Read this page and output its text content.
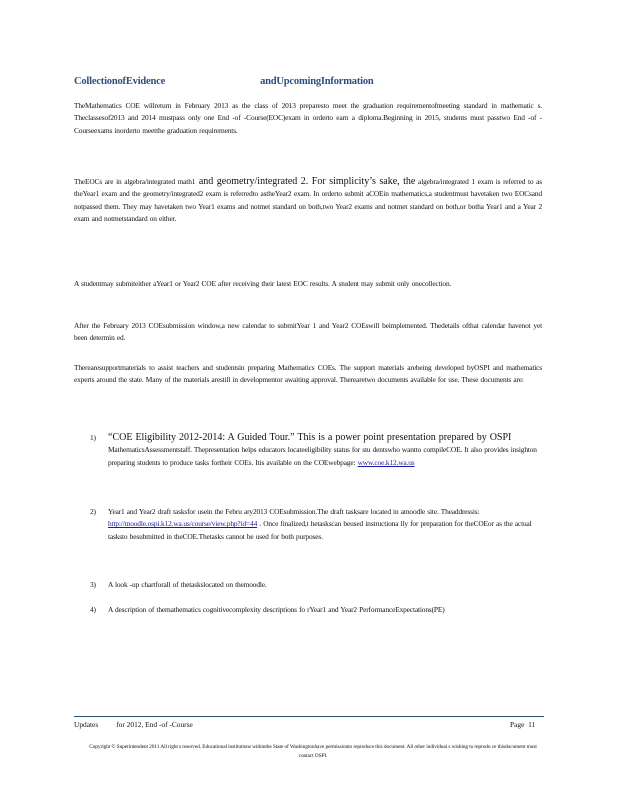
CollectionofEvidence	andUpcomingInformation
TheMathematics COE willreturn in February 2013 as the class of 2013 preparesto meet the graduation requirementofmeeting standard in mathematic s. Theclassesof2013 and 2014 mustpass only one End -of -Course(EOC)exam in orderto earn a diploma.Beginning in 2015, students must passtwo End -of -Courseexams inorderto meetthe graduation requirements.
TheEOCs are in algebra/integrated math1 and geometry/integrated 2. For simplicity’s sake, the algebra/integrated 1 exam is referred to as theYear1 exam and the geometry/integrated2 exam is referredto astheYear2 exam. In orderto submit aCOEin mathematics,a studentmust havetaken two EOCsand notpassed them. They may havetaken two Year1 exams and notmet standard on both,two Year2 exams and notmet standard on both,or botha Year1 and a Year 2 exam and notmetstandard on either.
A studentmay submiteither aYear1 or Year2 COE after receiving their latest EOC results. A student may submit only onecollection.
After the February 2013 COEsubmission window,a new calendar to submitYear 1 and Year2 COEswill beimplemented. Thedetails ofthat calendar havenot yet been determin ed.
Therearesupportmaterials to assist teachers and studentsin preparing Mathematics COEs. The support materials arebeing developed byOSPI and mathematics experts around the state. Many of the materials arestill in developmentor awaiting approval. Therearetwo documents available for use. These documents are:
1)	“COE Eligibility 2012-2014: A Guided Tour.” This is a power point presentation prepared by OSPI MathematicsAssessmentstaff. Thepresentation helps educators locateeligibility status for stu dentswho wantto compileCOE. It also provides insighton preparing students to produce tasks fortheir COEs. Itis available on the COEwebpage: www.coe.k12.wa.us
2)	Year1 and Year2 draft tasksfor usein the Febru ary2013 COEsubmission.The draft tasksare located in amoodle site. Theaddressis: http://moodle.ospi.k12.wa.us/course/view.php?id=44 . Once finalized,t hetaskscan beused instructiona lly for preparation for theCOEor as the actual tasksto besubmitted in theCOE.Thetasks cannot be used for both purposes.
3)	A look -up chartforall of thetaskslocated on themoodle.
4)	A description of themathematics cognitivecomplexity descriptions fo rYear1 and Year2 PerformanceExpectations(PE)
Updates for 2012, End -of -Course	Page 11
Copyright © Superintendent 2011 All right s reserved. Educational institutions withinthe State of Washingtonhave permissionto reproduce this document. All other individual s wishing to reprodu ce thisdocument must contact OSPI.
